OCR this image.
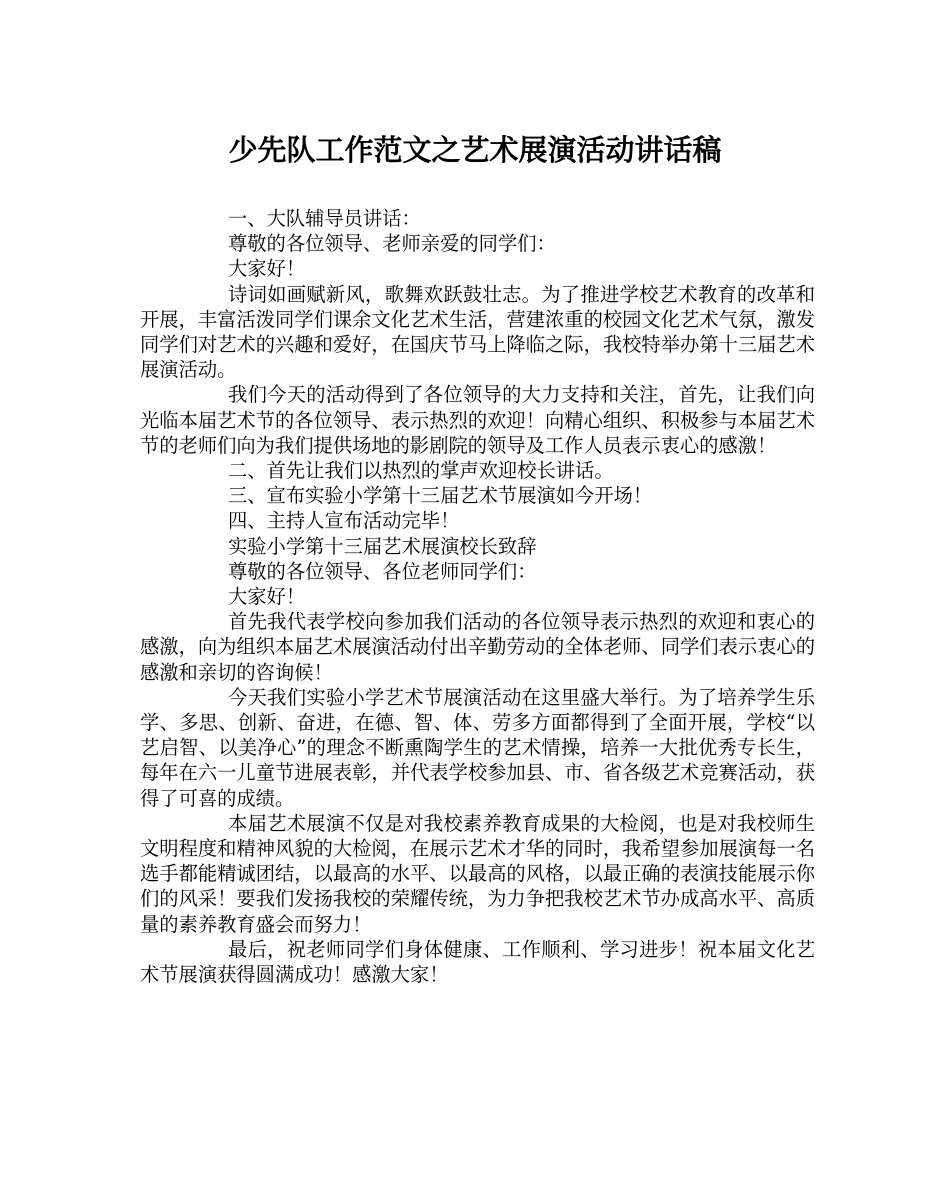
少先队工作范文之艺术展演活动讲话稿

一、大队辅导员讲话：

尊敬的各位领导、老师亲爱的同学们：

大家好！

诗词如画赋新风，歌舞欢跃鼓壮志。为了推进学校艺术教育的改革和开展，丰富活泼同学们课余文化艺术生活，营建浓重的校园文化艺术气氛，激发同学们对艺术的兴趣和爱好，在国庆节马上降临之际，我校特举办第十三届艺术展演活动。

我们今天的活动得到了各位领导的大力支持和关注，首先，让我们向光临本届艺术节的各位领导、表示热烈的欢迎！向精心组织、积极参与本届艺术节的老师们向为我们提供场地的影剧院的领导及工作人员表示衷心的感激！

二、首先让我们以热烈的掌声欢迎校长讲话。

三、宣布实验小学第十三届艺术节展演如今开场！

四、主持人宣布活动完毕！

实验小学第十三届艺术展演校长致辞

尊敬的各位领导、各位老师同学们：

大家好！

首先我代表学校向参加我们活动的各位领导表示热烈的欢迎和衷心的感激，向为组织本届艺术展演活动付出辛勤劳动的全体老师、同学们表示衷心的感激和亲切的咨询候！

今天我们实验小学艺术节展演活动在这里盛大举行。为了培养学生乐学、多思、创新、奋进，在德、智、体、劳多方面都得到了全面开展，学校“以艺启智、以美净心”的理念不断熏陶学生的艺术情操，培养一大批优秀专长生，每年在六一儿童节进展表彰，并代表学校参加县、市、省各级艺术竞赛活动，获得了可喜的成绩。

本届艺术展演不仅是对我校素养教育成果的大检阅，也是对我校师生文明程度和精神风貌的大检阅，在展示艺术才华的同时，我希望参加展演每一名选手都能精诚团结，以最高的水平、以最高的风格，以最正确的表演技能展示你们的风采！要我们发扬我校的荣耀传统，为力争把我校艺术节办成高水平、高质量的素养教育盛会而努力！

最后，祝老师同学们身体健康、工作顺利、学习进步！祝本届文化艺术节展演获得圆满成功！感激大家！
